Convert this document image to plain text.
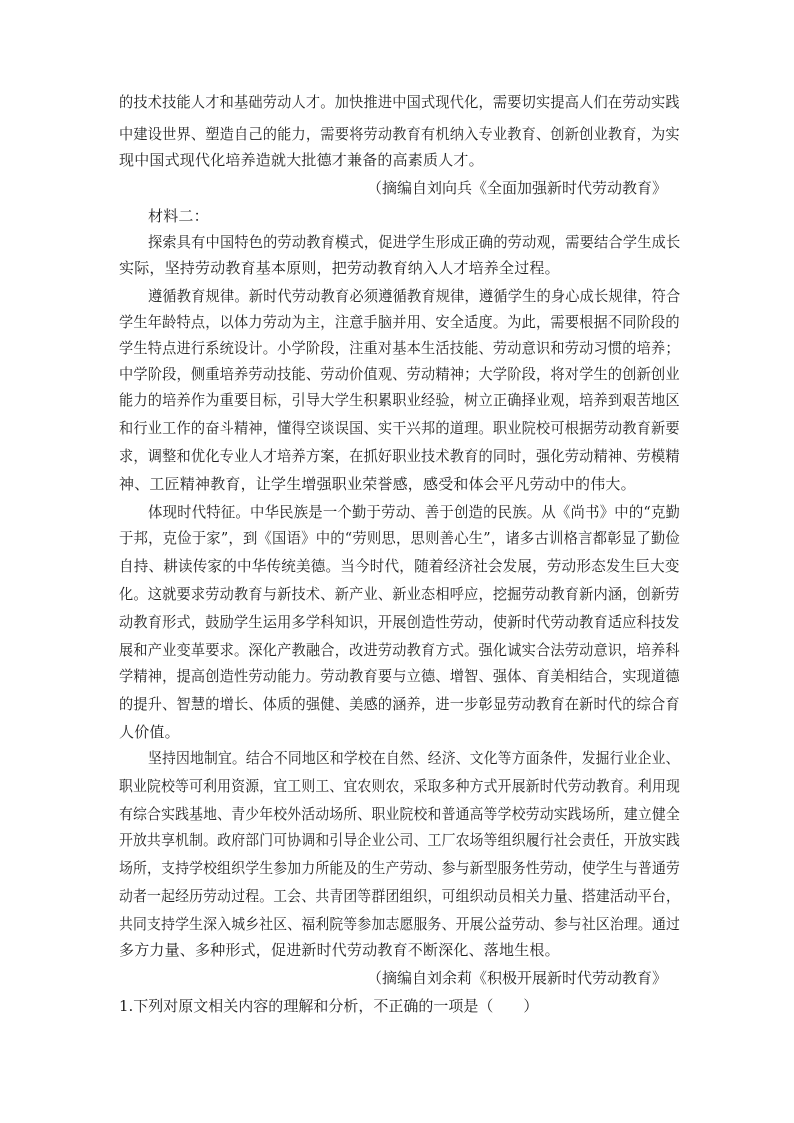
的技术技能人才和基础劳动人才。加快推进中国式现代化，需要切实提高人们在劳动实践
中建设世界、塑造自己的能力，需要将劳动教育有机纳入专业教育、创新创业教育，为实
现中国式现代化培养造就大批德才兼备的高素质人才。
（摘编自刘向兵《全面加强新时代劳动教育》
材料二：
探索具有中国特色的劳动教育模式，促进学生形成正确的劳动观，需要结合学生成长
实际，坚持劳动教育基本原则，把劳动教育纳入人才培养全过程。
遵循教育规律。新时代劳动教育必须遵循教育规律，遵循学生的身心成长规律，符合
学生年龄特点，以体力劳动为主，注意手脑并用、安全适度。为此，需要根据不同阶段的
学生特点进行系统设计。小学阶段，注重对基本生活技能、劳动意识和劳动习惯的培养；
中学阶段，侧重培养劳动技能、劳动价值观、劳动精神；大学阶段，将对学生的创新创业
能力的培养作为重要目标，引导大学生积累职业经验，树立正确择业观，培养到艰苦地区
和行业工作的奋斗精神，懂得空谈误国、实干兴邦的道理。职业院校可根据劳动教育新要
求，调整和优化专业人才培养方案，在抓好职业技术教育的同时，强化劳动精神、劳模精
神、工匠精神教育，让学生增强职业荣誉感，感受和体会平凡劳动中的伟大。
体现时代特征。中华民族是一个勤于劳动、善于创造的民族。从《尚书》中的“克勤
于邦，克俭于家”，到《国语》中的“劳则思，思则善心生”，诸多古训格言都彰显了勤俭
自持、耕读传家的中华传统美德。当今时代，随着经济社会发展，劳动形态发生巨大变
化。这就要求劳动教育与新技术、新产业、新业态相呼应，挖掘劳动教育新内涵，创新劳
动教育形式，鼓励学生运用多学科知识，开展创造性劳动，使新时代劳动教育适应科技发
展和产业变革要求。深化产教融合，改进劳动教育方式。强化诚实合法劳动意识，培养科
学精神，提高创造性劳动能力。劳动教育要与立德、增智、强体、育美相结合，实现道德
的提升、智慧的增长、体质的强健、美感的涵养，进一步彰显劳动教育在新时代的综合育
人价值。
坚持因地制宜。结合不同地区和学校在自然、经济、文化等方面条件，发掘行业企业、
职业院校等可利用资源，宜工则工、宜农则农，采取多种方式开展新时代劳动教育。利用现
有综合实践基地、青少年校外活动场所、职业院校和普通高等学校劳动实践场所，建立健全
开放共享机制。政府部门可协调和引导企业公司、工厂农场等组织履行社会责任，开放实践
场所，支持学校组织学生参加力所能及的生产劳动、参与新型服务性劳动，使学生与普通劳
动者一起经历劳动过程。工会、共青团等群团组织，可组织动员相关力量、搭建活动平台，
共同支持学生深入城乡社区、福利院等参加志愿服务、开展公益劳动、参与社区治理。通过
多方力量、多种形式，促进新时代劳动教育不断深化、落地生根。
（摘编自刘余莉《积极开展新时代劳动教育》
1.下列对原文相关内容的理解和分析，不正确的一项是（　　）
